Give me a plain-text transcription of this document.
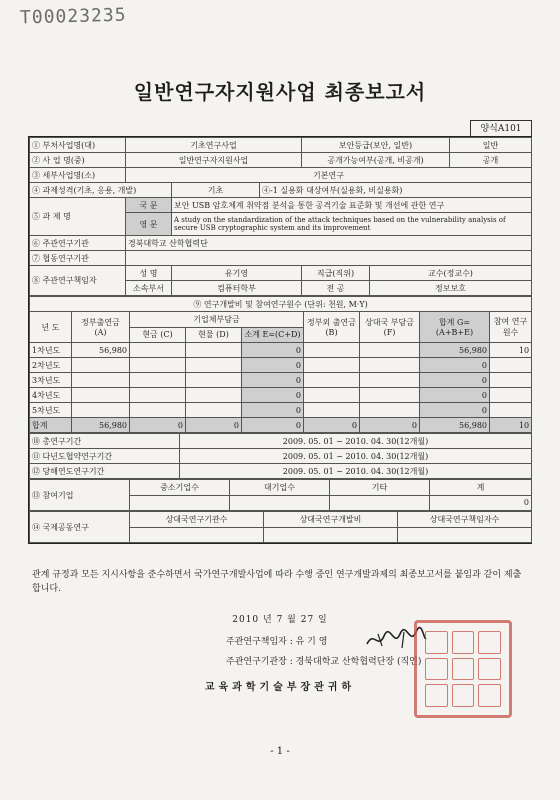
T00023235
일반연구자지원사업 최종보고서
양식A101
① 부처사업명(대)	기초연구사업			보안등급(보안, 일반)		일반
② 사 업 명(중)	일반연구자지원사업			공개가능여부(공개, 비공개)		공개
③ 세부사업명(소)	기본연구					
④ 과제성격(기초, 응용, 개발)		기초	④-1 실용화 대상여부(실용화, 비실용화)			
⑤ 과 제 명	국 문	보안 USB 암호체계 취약점 분석을 통한 공격기술 표준화 및 개선에 관한 연구				
	영 문	A study on the standardization of the attack techniques based on the vulnerability analysis of secure USB cryptographic system and its improvement				
⑥ 주관연구기관	경북대학교 산학협력단					
⑦ 협동연구기관						
⑧ 주관연구책임자	성 명	유기영		직급(직위)	교수(정교수)	
	소속부서	컴퓨터학부		전 공	정보보호	
⑨ 연구개발비 및 참여연구원수 (단위: 천원, M·Y)								
년 도	정부출연금 (A)	기업체부담금			정부외 출연금 (B)	상대국 부담금 (F)	합계 G=(A+B+E)	참여 연구원수
		현금 (C)	현물 (D)	소계 E=(C+D)				
1차년도	56,980			0			56,980	10
2차년도				0			0	
3차년도				0			0	
4차년도				0			0	
5차년도				0			0	
합계	56,980	0	0	0	0	0	56,980	10
⑩ 총연구기간	2009. 05. 01 ~ 2010. 04. 30(12개월)
⑪ 다년도협약연구기간	2009. 05. 01 ~ 2010. 04. 30(12개월)
⑫ 당해연도연구기간	2009. 05. 01 ~ 2010. 04. 30(12개월)
⑬ 참여기업	중소기업수	대기업수	기타	계
				0
⑭ 국제공동연구	상대국연구기관수	상대국연구개발비	상대국연구책임자수

관계 규정과 모든 지시사항을 준수하면서 국가연구개발사업에 따라 수행 중인 연구개발과제의 최종보고서를 붙임과 같이 제출 합니다.
2010 년 7 월 27 일
주관연구책임자 : 유 기 영
주관연구기관장 : 경북대학교 산학협력단장 (직인)
교육과학기술부장관귀하
- 1 -
